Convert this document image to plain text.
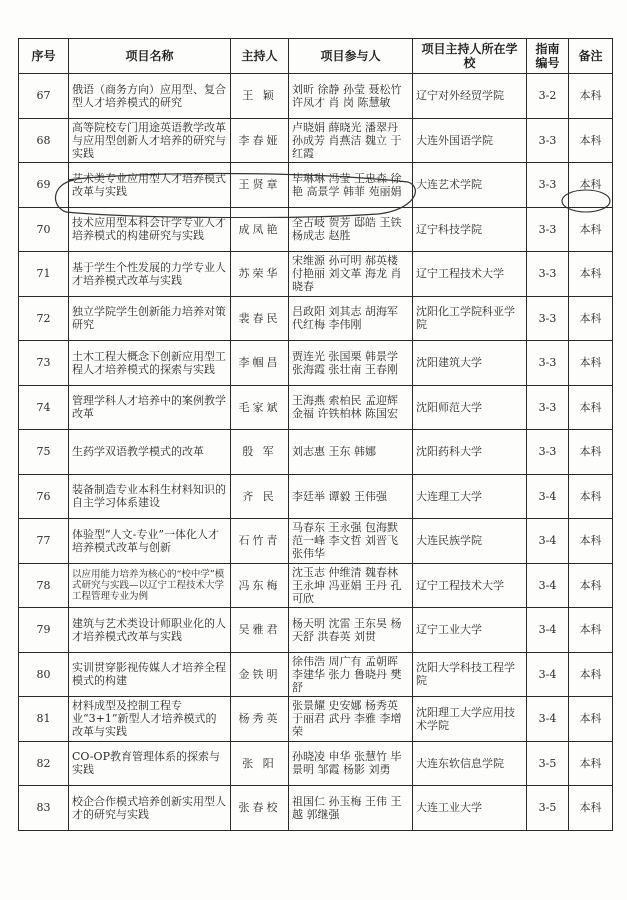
序号	项目名称	主持人	项目参与人	项目主持人所在学校	指南编号	备注
67	俄语（商务方向）应用型、复合型人才培养模式的研究	王 颖	刘昕 徐静 孙莹 聂松竹 许凤才 肖 岗 陈慧敏	辽宁对外经贸学院	3-2	本科
68	高等院校专门用途英语教学改革与应用型创新人才培养的研究与实践	李春娅	卢晓娟 薛晓光 潘翠丹 孙成芳 肖燕洁 魏立 于红霞	大连外国语学院	3-3	本科
69	艺术类专业应用型人才培养模式改革与实践	王贤章	毕琳琳 冯莹 王忠森 徐艳 高景学 韩菲 苑丽娟	大连艺术学院	3-3	本科
70	技术应用型本科会计学专业人才培养模式的构建研究与实践	成凤艳	全占岐 贺芳 邸皓 王铁 杨成志 赵胜	辽宁科技学院	3-3	本科
71	基于学生个性发展的力学专业人才培养模式改革与实践	苏荣华	宋维源 孙可明 郝英楼 付艳丽 刘文革 海龙 肖晓春	辽宁工程技术大学	3-3	本科
72	独立学院学生创新能力培养对策研究	裴春民	吕政阳 刘其志 胡海军 代红梅 李伟刚	沈阳化工学院科亚学院	3-3	本科
73	土木工程大概念下创新应用型工程人才培养模式的探索与实践	李帼昌	贾连光 张国栗 韩景学 张海霞 张壮南 王春刚	沈阳建筑大学	3-3	本科
74	管理学科人才培养中的案例教学改革	毛家斌	王海燕 索柏民 孟迎辉 金福 许铁柏林 陈国宏	沈阳师范大学	3-3	本科
75	生药学双语教学模式的改革	殷 军	刘志惠 王东 韩娜	沈阳药科大学	3-3	本科
76	装备制造专业本科生材料知识的自主学习体系建设	齐 民	李廷举 谭毅 王伟强	大连理工大学	3-4	本科
77	体验型“人文-专业”一体化人才培养模式改革与创新	石竹青	马春东 王永强 包海默 范一峰 李文哲 刘晋飞 张伟华	大连民族学院	3-4	本科
78	以应用能力培养为核心的“校中学”模式研究与实践—以辽宁工程技术大学工程管理专业为例	冯东梅	沈玉志 仲维清 魏春林 王永坤 冯亚娟 王丹 孔可欣	辽宁工程技术大学	3-4	本科
79	建筑与艺术类设计师职业化的人才培养模式改革与实践	吴雅君	杨天明 沈雷 王东昊 杨天舒 洪春英 刘贯	辽宁工业大学	3-4	本科
80	实训贯穿影视传媒人才培养全程模式的构建	金铁明	徐伟浩 周广有 孟朝晖 李建华 张力 鲁晓丹 樊舒	沈阳大学科技工程学院	3-4	本科
81	材料成型及控制工程专业“3+1”新型人才培养模式的改革与实践	杨秀英	张景耀 史安娜 杨秀英 于丽君 武丹 李雅 李增荣	沈阳理工大学应用技术学院	3-4	本科
82	CO-OP教育管理体系的探索与实践	张 阳	孙晓凌 申华 张慧竹 毕景明 邹霞 杨影 刘勇	大连东软信息学院	3-5	本科
83	校企合作模式培养创新实用型人才的研究与实践	张春校	祖国仁 孙玉梅 王伟 王越 郭继强	大连工业大学	3-5	本科
